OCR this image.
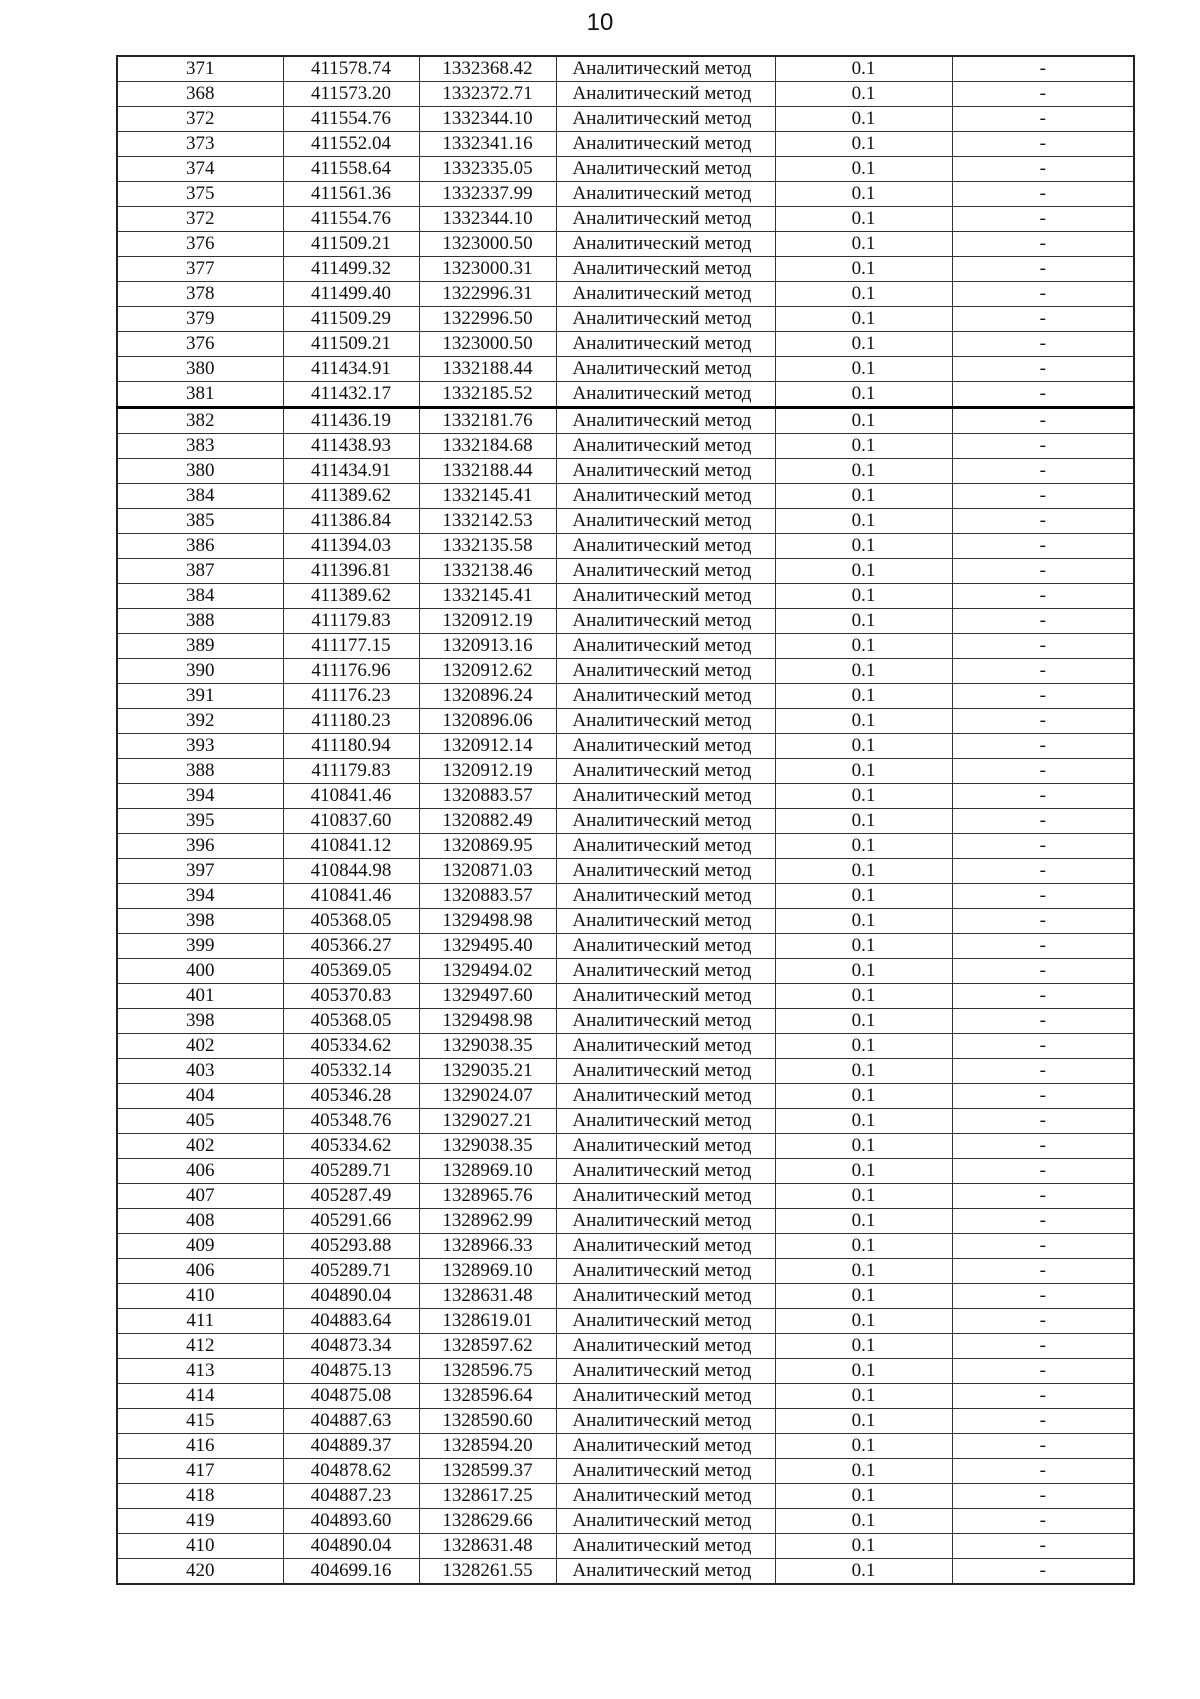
10
371	411578.74	1332368.42	Аналитический метод	0.1	-
368	411573.20	1332372.71	Аналитический метод	0.1	-
372	411554.76	1332344.10	Аналитический метод	0.1	-
373	411552.04	1332341.16	Аналитический метод	0.1	-
374	411558.64	1332335.05	Аналитический метод	0.1	-
375	411561.36	1332337.99	Аналитический метод	0.1	-
372	411554.76	1332344.10	Аналитический метод	0.1	-
376	411509.21	1323000.50	Аналитический метод	0.1	-
377	411499.32	1323000.31	Аналитический метод	0.1	-
378	411499.40	1322996.31	Аналитический метод	0.1	-
379	411509.29	1322996.50	Аналитический метод	0.1	-
376	411509.21	1323000.50	Аналитический метод	0.1	-
380	411434.91	1332188.44	Аналитический метод	0.1	-
381	411432.17	1332185.52	Аналитический метод	0.1	-
382	411436.19	1332181.76	Аналитический метод	0.1	-
383	411438.93	1332184.68	Аналитический метод	0.1	-
380	411434.91	1332188.44	Аналитический метод	0.1	-
384	411389.62	1332145.41	Аналитический метод	0.1	-
385	411386.84	1332142.53	Аналитический метод	0.1	-
386	411394.03	1332135.58	Аналитический метод	0.1	-
387	411396.81	1332138.46	Аналитический метод	0.1	-
384	411389.62	1332145.41	Аналитический метод	0.1	-
388	411179.83	1320912.19	Аналитический метод	0.1	-
389	411177.15	1320913.16	Аналитический метод	0.1	-
390	411176.96	1320912.62	Аналитический метод	0.1	-
391	411176.23	1320896.24	Аналитический метод	0.1	-
392	411180.23	1320896.06	Аналитический метод	0.1	-
393	411180.94	1320912.14	Аналитический метод	0.1	-
388	411179.83	1320912.19	Аналитический метод	0.1	-
394	410841.46	1320883.57	Аналитический метод	0.1	-
395	410837.60	1320882.49	Аналитический метод	0.1	-
396	410841.12	1320869.95	Аналитический метод	0.1	-
397	410844.98	1320871.03	Аналитический метод	0.1	-
394	410841.46	1320883.57	Аналитический метод	0.1	-
398	405368.05	1329498.98	Аналитический метод	0.1	-
399	405366.27	1329495.40	Аналитический метод	0.1	-
400	405369.05	1329494.02	Аналитический метод	0.1	-
401	405370.83	1329497.60	Аналитический метод	0.1	-
398	405368.05	1329498.98	Аналитический метод	0.1	-
402	405334.62	1329038.35	Аналитический метод	0.1	-
403	405332.14	1329035.21	Аналитический метод	0.1	-
404	405346.28	1329024.07	Аналитический метод	0.1	-
405	405348.76	1329027.21	Аналитический метод	0.1	-
402	405334.62	1329038.35	Аналитический метод	0.1	-
406	405289.71	1328969.10	Аналитический метод	0.1	-
407	405287.49	1328965.76	Аналитический метод	0.1	-
408	405291.66	1328962.99	Аналитический метод	0.1	-
409	405293.88	1328966.33	Аналитический метод	0.1	-
406	405289.71	1328969.10	Аналитический метод	0.1	-
410	404890.04	1328631.48	Аналитический метод	0.1	-
411	404883.64	1328619.01	Аналитический метод	0.1	-
412	404873.34	1328597.62	Аналитический метод	0.1	-
413	404875.13	1328596.75	Аналитический метод	0.1	-
414	404875.08	1328596.64	Аналитический метод	0.1	-
415	404887.63	1328590.60	Аналитический метод	0.1	-
416	404889.37	1328594.20	Аналитический метод	0.1	-
417	404878.62	1328599.37	Аналитический метод	0.1	-
418	404887.23	1328617.25	Аналитический метод	0.1	-
419	404893.60	1328629.66	Аналитический метод	0.1	-
410	404890.04	1328631.48	Аналитический метод	0.1	-
420	404699.16	1328261.55	Аналитический метод	0.1	-
